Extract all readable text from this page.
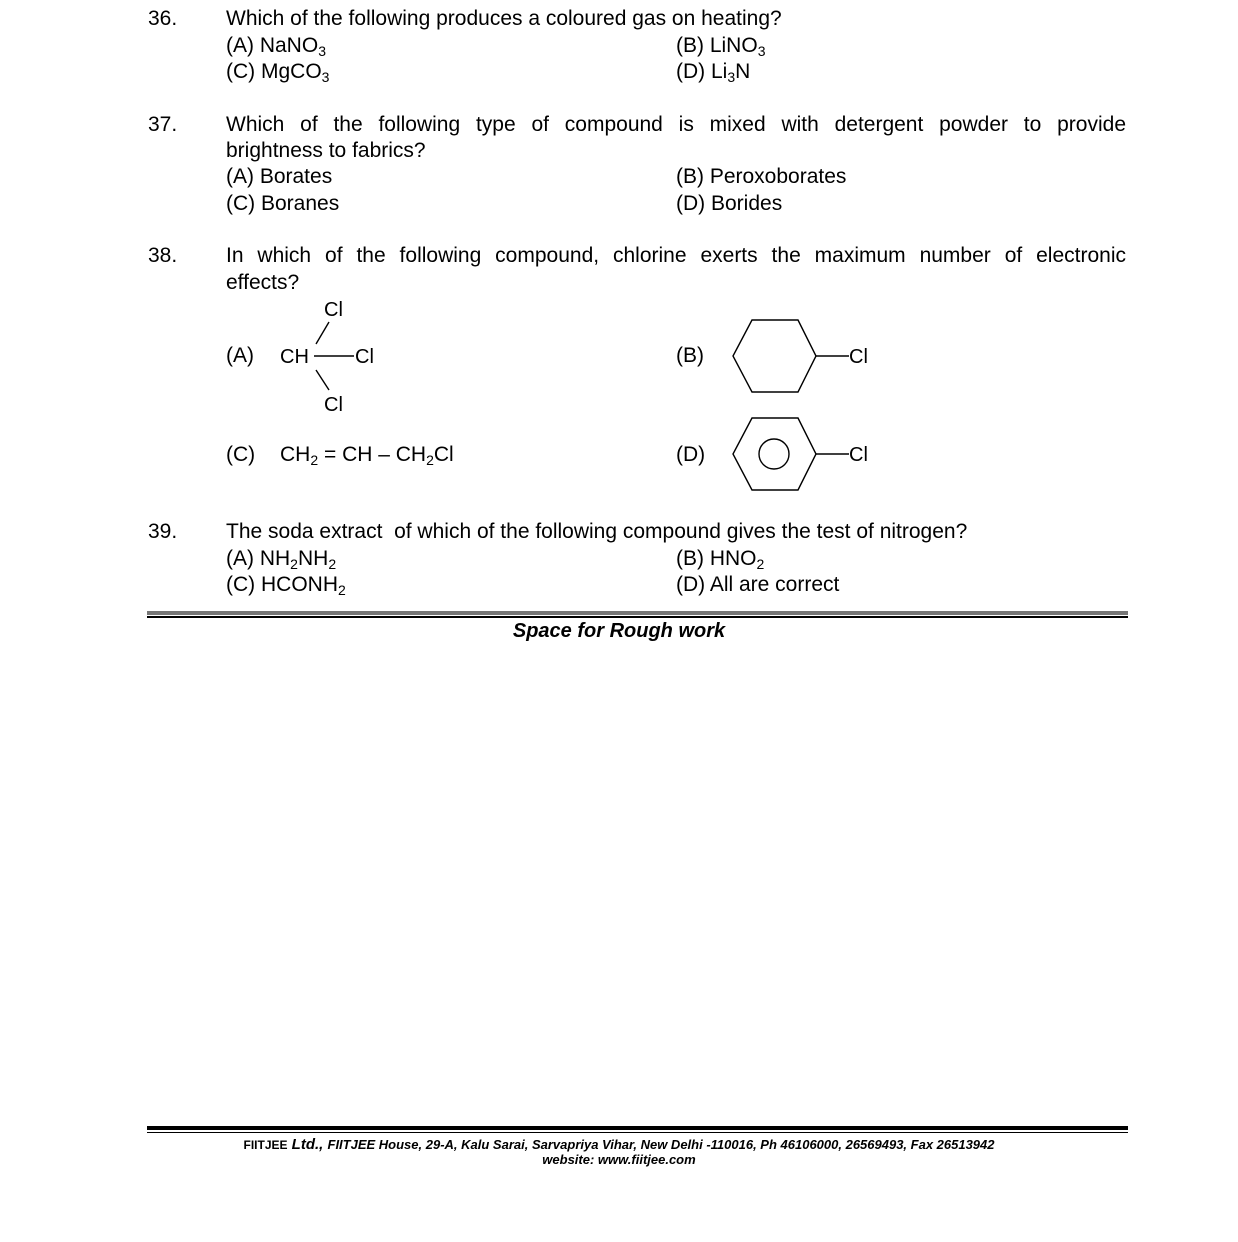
36. Which of the following produces a coloured gas on heating?
(A) NaNO$_3$	(B) LiNO$_3$
(C) MgCO$_3$	(D) $Li_3N$
37. Which of the following type of compound is mixed with detergent powder to provide
brightness to fabrics?
(A) Borates	(B) Peroxoborates
(C) Boranes	(D) Borides
38. In which of the following compound, chlorine exerts the maximum number of electronic
effects?
(A)
Cl
CH Cl
Cl
(B)	Cl
(C) $CH_2$ = CH – $CH_2Cl$	(D)	Cl
39. The soda extract  of which of the following compound gives the test of nitrogen?
(A) $NH_2NH_2$	(B) $HNO_2$
(C) $HCONH_2$	(D) All are correct
Space for Rough work
FIITJEE Ltd., FIITJEE House, 29-A, Kalu Sarai, Sarvapriya Vihar, New Delhi -110016, Ph 46106000, 26569493, Fax 26513942
website: www.fiitjee.com
